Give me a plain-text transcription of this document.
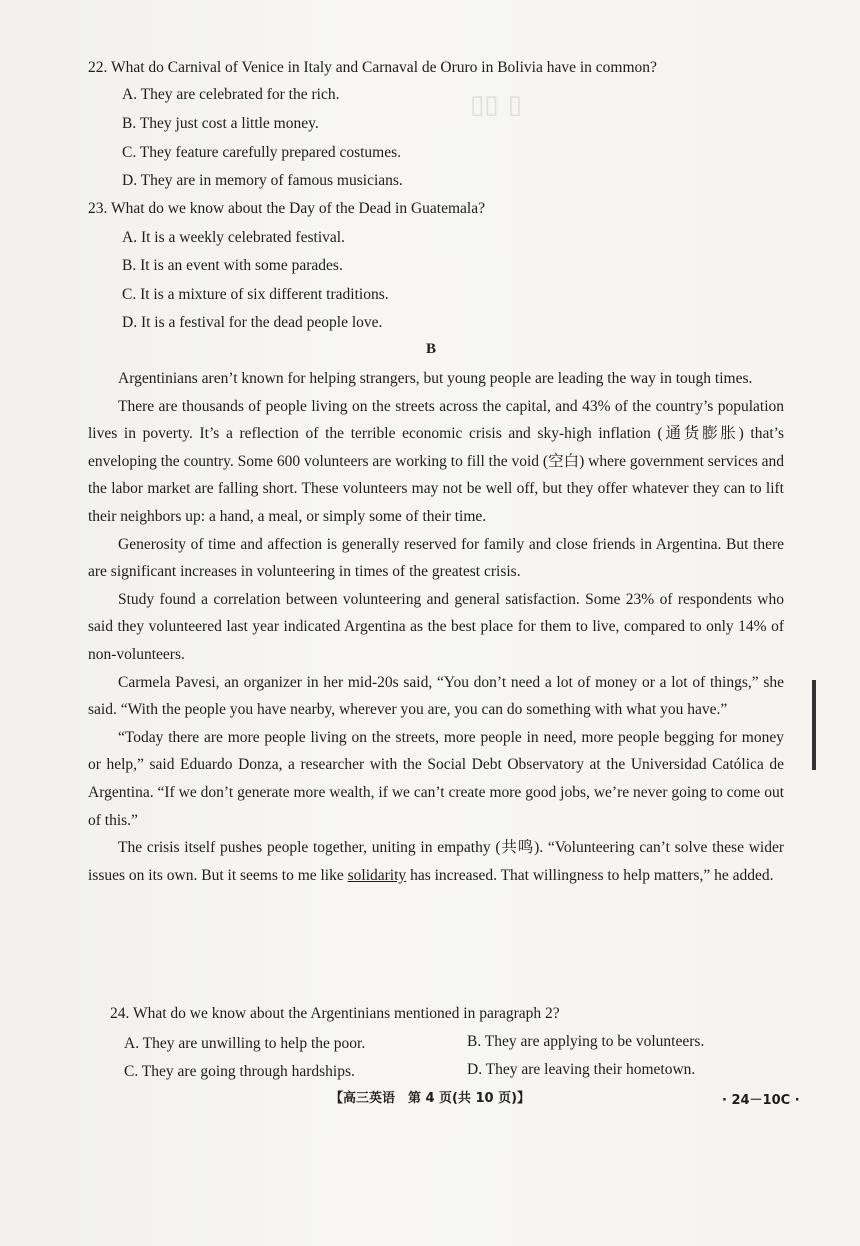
▯▯ ▯
22. What do Carnival of Venice in Italy and Carnaval de Oruro in Bolivia have in common?
A. They are celebrated for the rich.
B. They just cost a little money.
C. They feature carefully prepared costumes.
D. They are in memory of famous musicians.
23. What do we know about the Day of the Dead in Guatemala?
A. It is a weekly celebrated festival.
B. It is an event with some parades.
C. It is a mixture of six different traditions.
D. It is a festival for the dead people love.
B

Argentinians aren’t known for helping strangers, but young people are leading the way in tough times.

There are thousands of people living on the streets across the capital, and 43% of the country’s population lives in poverty. It’s a reflection of the terrible economic crisis and sky-high inflation (通货膨胀) that’s enveloping the country. Some 600 volunteers are working to fill the void (空白) where government services and the labor market are falling short. These volunteers may not be well off, but they offer whatever they can to lift their neighbors up: a hand, a meal, or simply some of their time.

Generosity of time and affection is generally reserved for family and close friends in Argentina. But there are significant increases in volunteering in times of the greatest crisis.

Study found a correlation between volunteering and general satisfaction. Some 23% of respondents who said they volunteered last year indicated Argentina as the best place for them to live, compared to only 14% of non-volunteers.

Carmela Pavesi, an organizer in her mid-20s said, “You don’t need a lot of money or a lot of things,” she said. “With the people you have nearby, wherever you are, you can do something with what you have.”

“Today there are more people living on the streets, more people in need, more people begging for money or help,” said Eduardo Donza, a researcher with the Social Debt Observatory at the Universidad Católica de Argentina. “If we don’t generate more wealth, if we can’t create more good jobs, we’re never going to come out of this.”

The crisis itself pushes people together, uniting in empathy (共鸣). “Volunteering can’t solve these wider issues on its own. But it seems to me like solidarity has increased. That willingness to help matters,” he added.

24. What do we know about the Argentinians mentioned in paragraph 2?
A. They are unwilling to help the poor.	B. They are applying to be volunteers.
C. They are going through hardships.	D. They are leaving their hometown.
【高三英语　第 4 页(共 10 页)】	· 24－10C ·
